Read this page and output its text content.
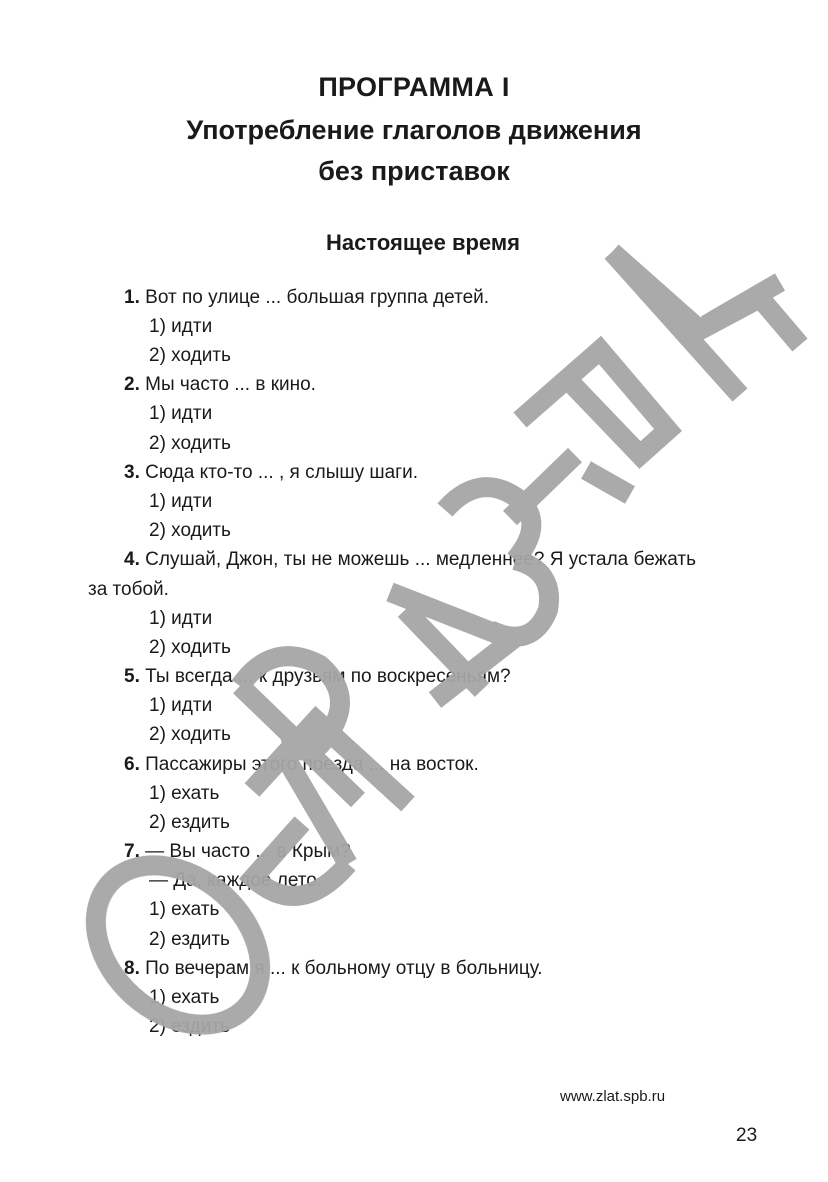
ПРОГРАММА I
Употребление глаголов движения
без приставок
Настоящее время
1. Вот по улице ... большая группа детей.
1) идти
2) ходить
2. Мы часто ... в кино.
1) идти
2) ходить
3. Сюда кто-то ... , я слышу шаги.
1) идти
2) ходить
4. Слушай, Джон, ты не можешь ... медленнее? Я устала бежать
за тобой.
1) идти
2) ходить
5. Ты всегда ... к друзьям по воскресеньям?
1) идти
2) ходить
6. Пассажиры этого поезда ... на восток.
1) ехать
2) ездить
7. — Вы часто ... в Крым?
— Да, каждое лето.
1) ехать
2) ездить
8. По вечерам я ... к больному отцу в больницу.
1) ехать
2) ездить
www.zlat.spb.ru
23
